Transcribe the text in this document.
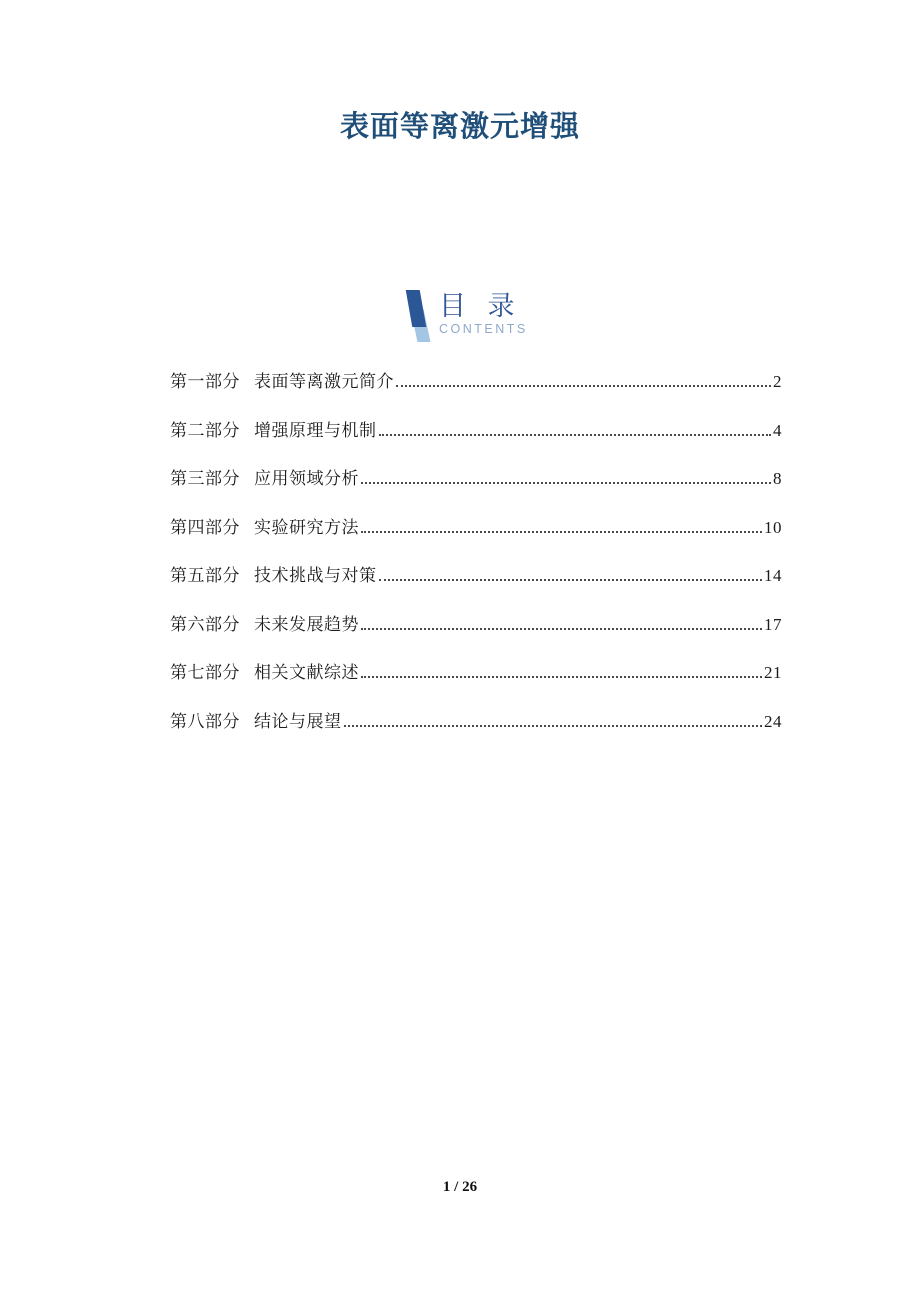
表面等离激元增强
目 录
CONTENTS
第一部分 表面等离激元简介	2
第二部分 增强原理与机制	4
第三部分 应用领域分析	8
第四部分 实验研究方法	10
第五部分 技术挑战与对策	14
第六部分 未来发展趋势	17
第七部分 相关文献综述	21
第八部分 结论与展望	24
1 / 26
